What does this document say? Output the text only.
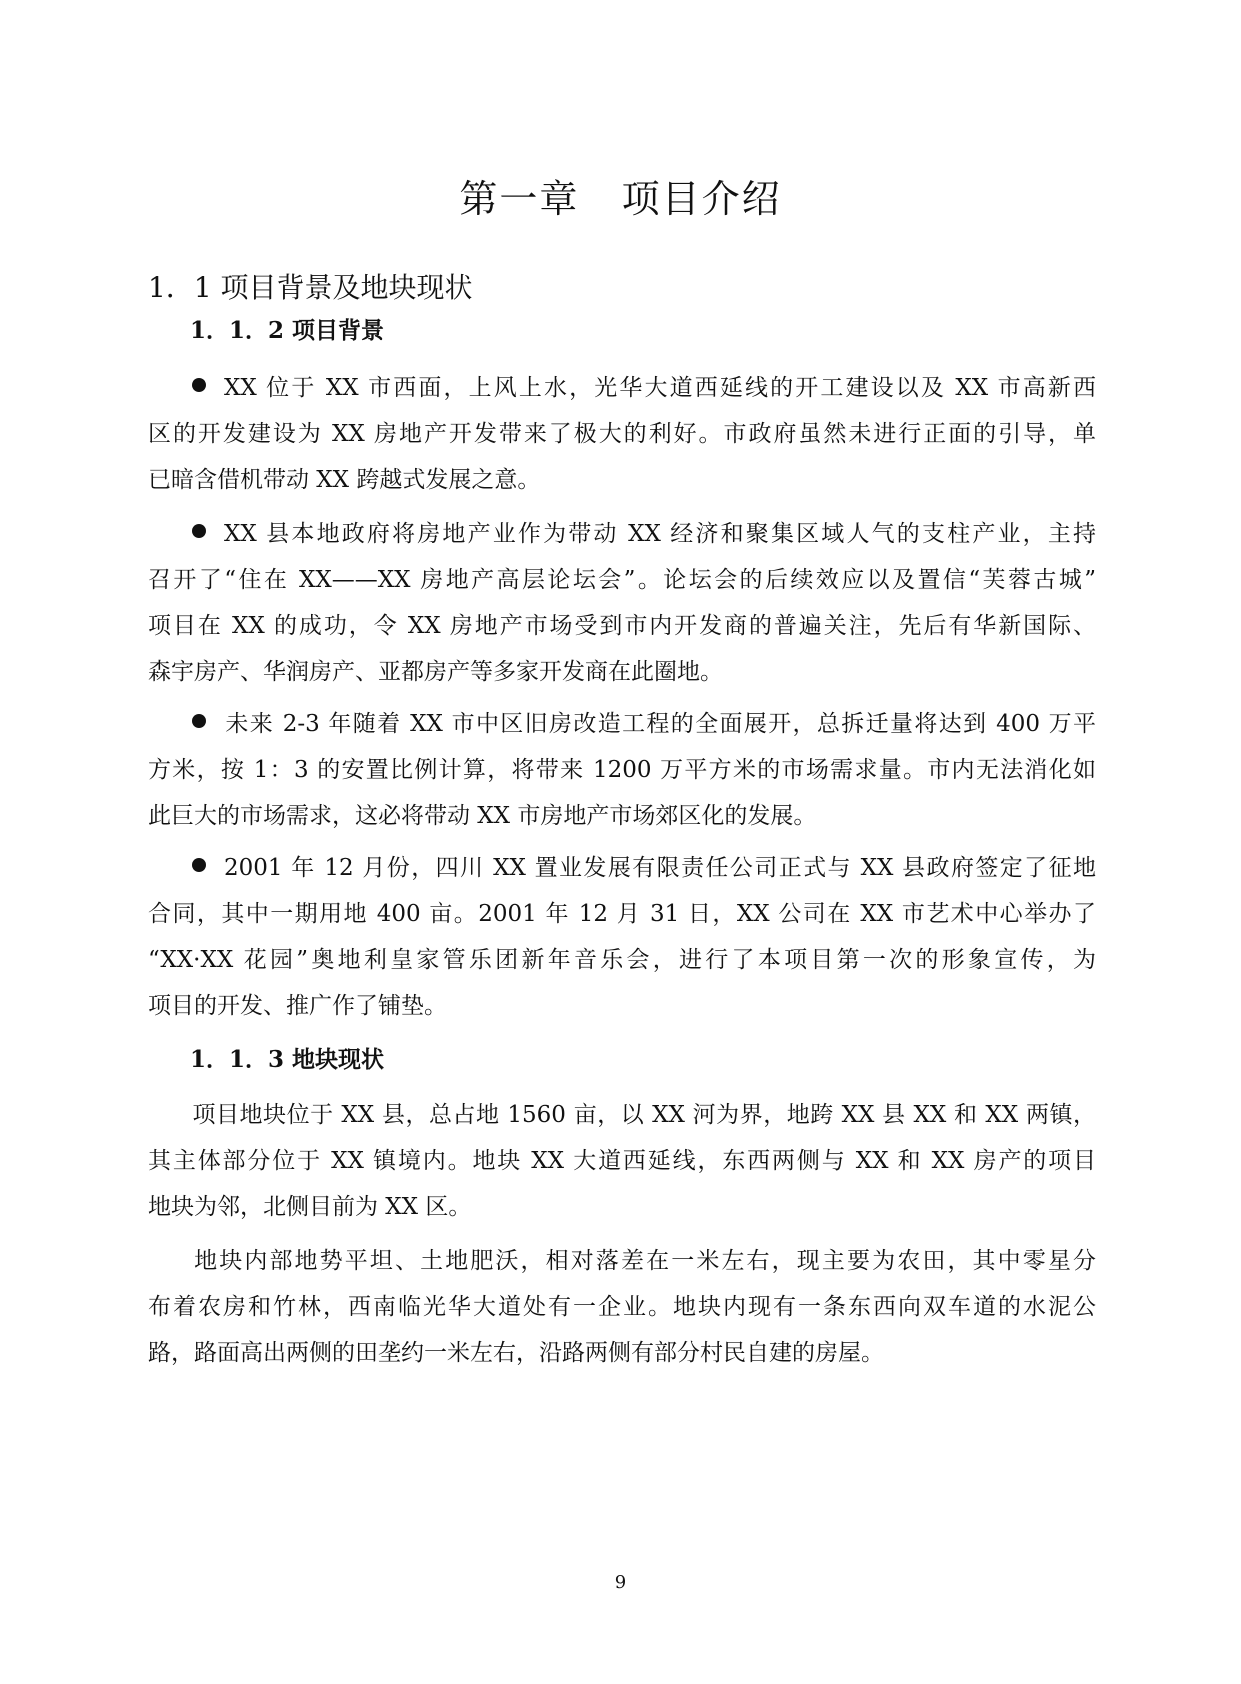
第一章   项目介绍
1．1 项目背景及地块现状
1．1．2 项目背景
XX 位于 XX 市西面，上风上水，光华大道西延线的开工建设以及 XX 市高新西
区的开发建设为 XX 房地产开发带来了极大的利好。市政府虽然未进行正面的引导，单
已暗含借机带动 XX 跨越式发展之意。
XX 县本地政府将房地产业作为带动 XX 经济和聚集区域人气的支柱产业，主持
召开了“住在 XX——XX 房地产高层论坛会”。论坛会的后续效应以及置信“芙蓉古城”
项目在 XX 的成功，令 XX 房地产市场受到市内开发商的普遍关注，先后有华新国际、
森宇房产、华润房产、亚都房产等多家开发商在此圈地。
未来 2-3 年随着 XX 市中区旧房改造工程的全面展开，总拆迁量将达到 400 万平
方米，按 1：3 的安置比例计算，将带来 1200 万平方米的市场需求量。市内无法消化如
此巨大的市场需求，这必将带动 XX 市房地产市场郊区化的发展。
2001 年 12 月份，四川 XX 置业发展有限责任公司正式与 XX 县政府签定了征地
合同，其中一期用地 400 亩。2001 年 12 月 31 日，XX 公司在 XX 市艺术中心举办了
“XX·XX 花园”奥地利皇家管乐团新年音乐会，进行了本项目第一次的形象宣传，为
项目的开发、推广作了铺垫。
1．1．3 地块现状
项目地块位于 XX 县，总占地 1560 亩，以 XX 河为界，地跨 XX 县 XX 和 XX 两镇，
其主体部分位于 XX 镇境内。地块 XX 大道西延线，东西两侧与 XX 和 XX 房产的项目
地块为邻，北侧目前为 XX 区。
地块内部地势平坦、土地肥沃，相对落差在一米左右，现主要为农田，其中零星分
布着农房和竹林，西南临光华大道处有一企业。地块内现有一条东西向双车道的水泥公
路，路面高出两侧的田垄约一米左右，沿路两侧有部分村民自建的房屋。
9
